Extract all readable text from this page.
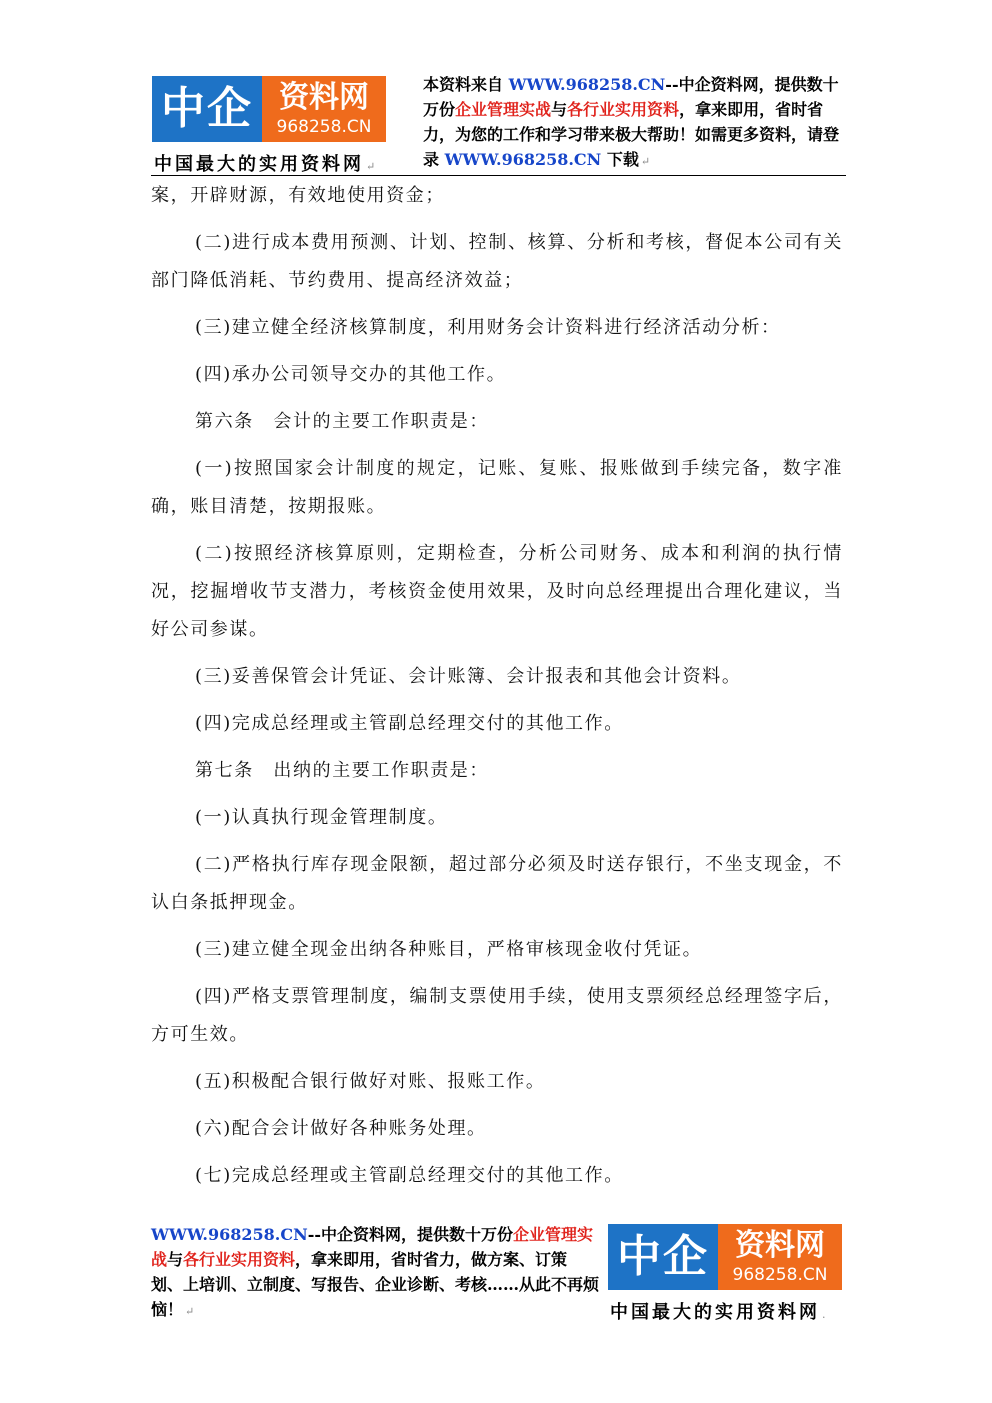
中企 资料网
968258.CN
中国最大的实用资料网 ↵
本资料来自 WWW.968258.CN--中企资料网，提供数十万份企业管理实战与各行业实用资料，拿来即用，省时省力，为您的工作和学习带来极大帮助！如需更多资料，请登录 WWW.968258.CN 下载 ↵

案，开辟财源，有效地使用资金；

(二)进行成本费用预测、计划、控制、核算、分析和考核，督促本公司有关部门降低消耗、节约费用、提高经济效益；

(三)建立健全经济核算制度，利用财务会计资料进行经济活动分析：

(四)承办公司领导交办的其他工作。

第六条　会计的主要工作职责是：

(一)按照国家会计制度的规定，记账、复账、报账做到手续完备，数字准确，账目清楚，按期报账。

(二)按照经济核算原则，定期检查，分析公司财务、成本和利润的执行情况，挖掘增收节支潜力，考核资金使用效果，及时向总经理提出合理化建议，当好公司参谋。

(三)妥善保管会计凭证、会计账簿、会计报表和其他会计资料。

(四)完成总经理或主管副总经理交付的其他工作。

第七条　出纳的主要工作职责是：

(一)认真执行现金管理制度。

(二)严格执行库存现金限额，超过部分必须及时送存银行，不坐支现金，不认白条抵押现金。

(三)建立健全现金出纳各种账目，严格审核现金收付凭证。

(四)严格支票管理制度，编制支票使用手续，使用支票须经总经理签字后，方可生效。

(五)积极配合银行做好对账、报账工作。

(六)配合会计做好各种账务处理。

(七)完成总经理或主管副总经理交付的其他工作。

WWW.968258.CN--中企资料网，提供数十万份企业管理实战与各行业实用资料，拿来即用，省时省力，做方案、订策划、上培训、立制度、写报告、企业诊断、考核……从此不再烦恼！ ↵
中企 资料网
968258.CN
中国最大的实用资料网 .
